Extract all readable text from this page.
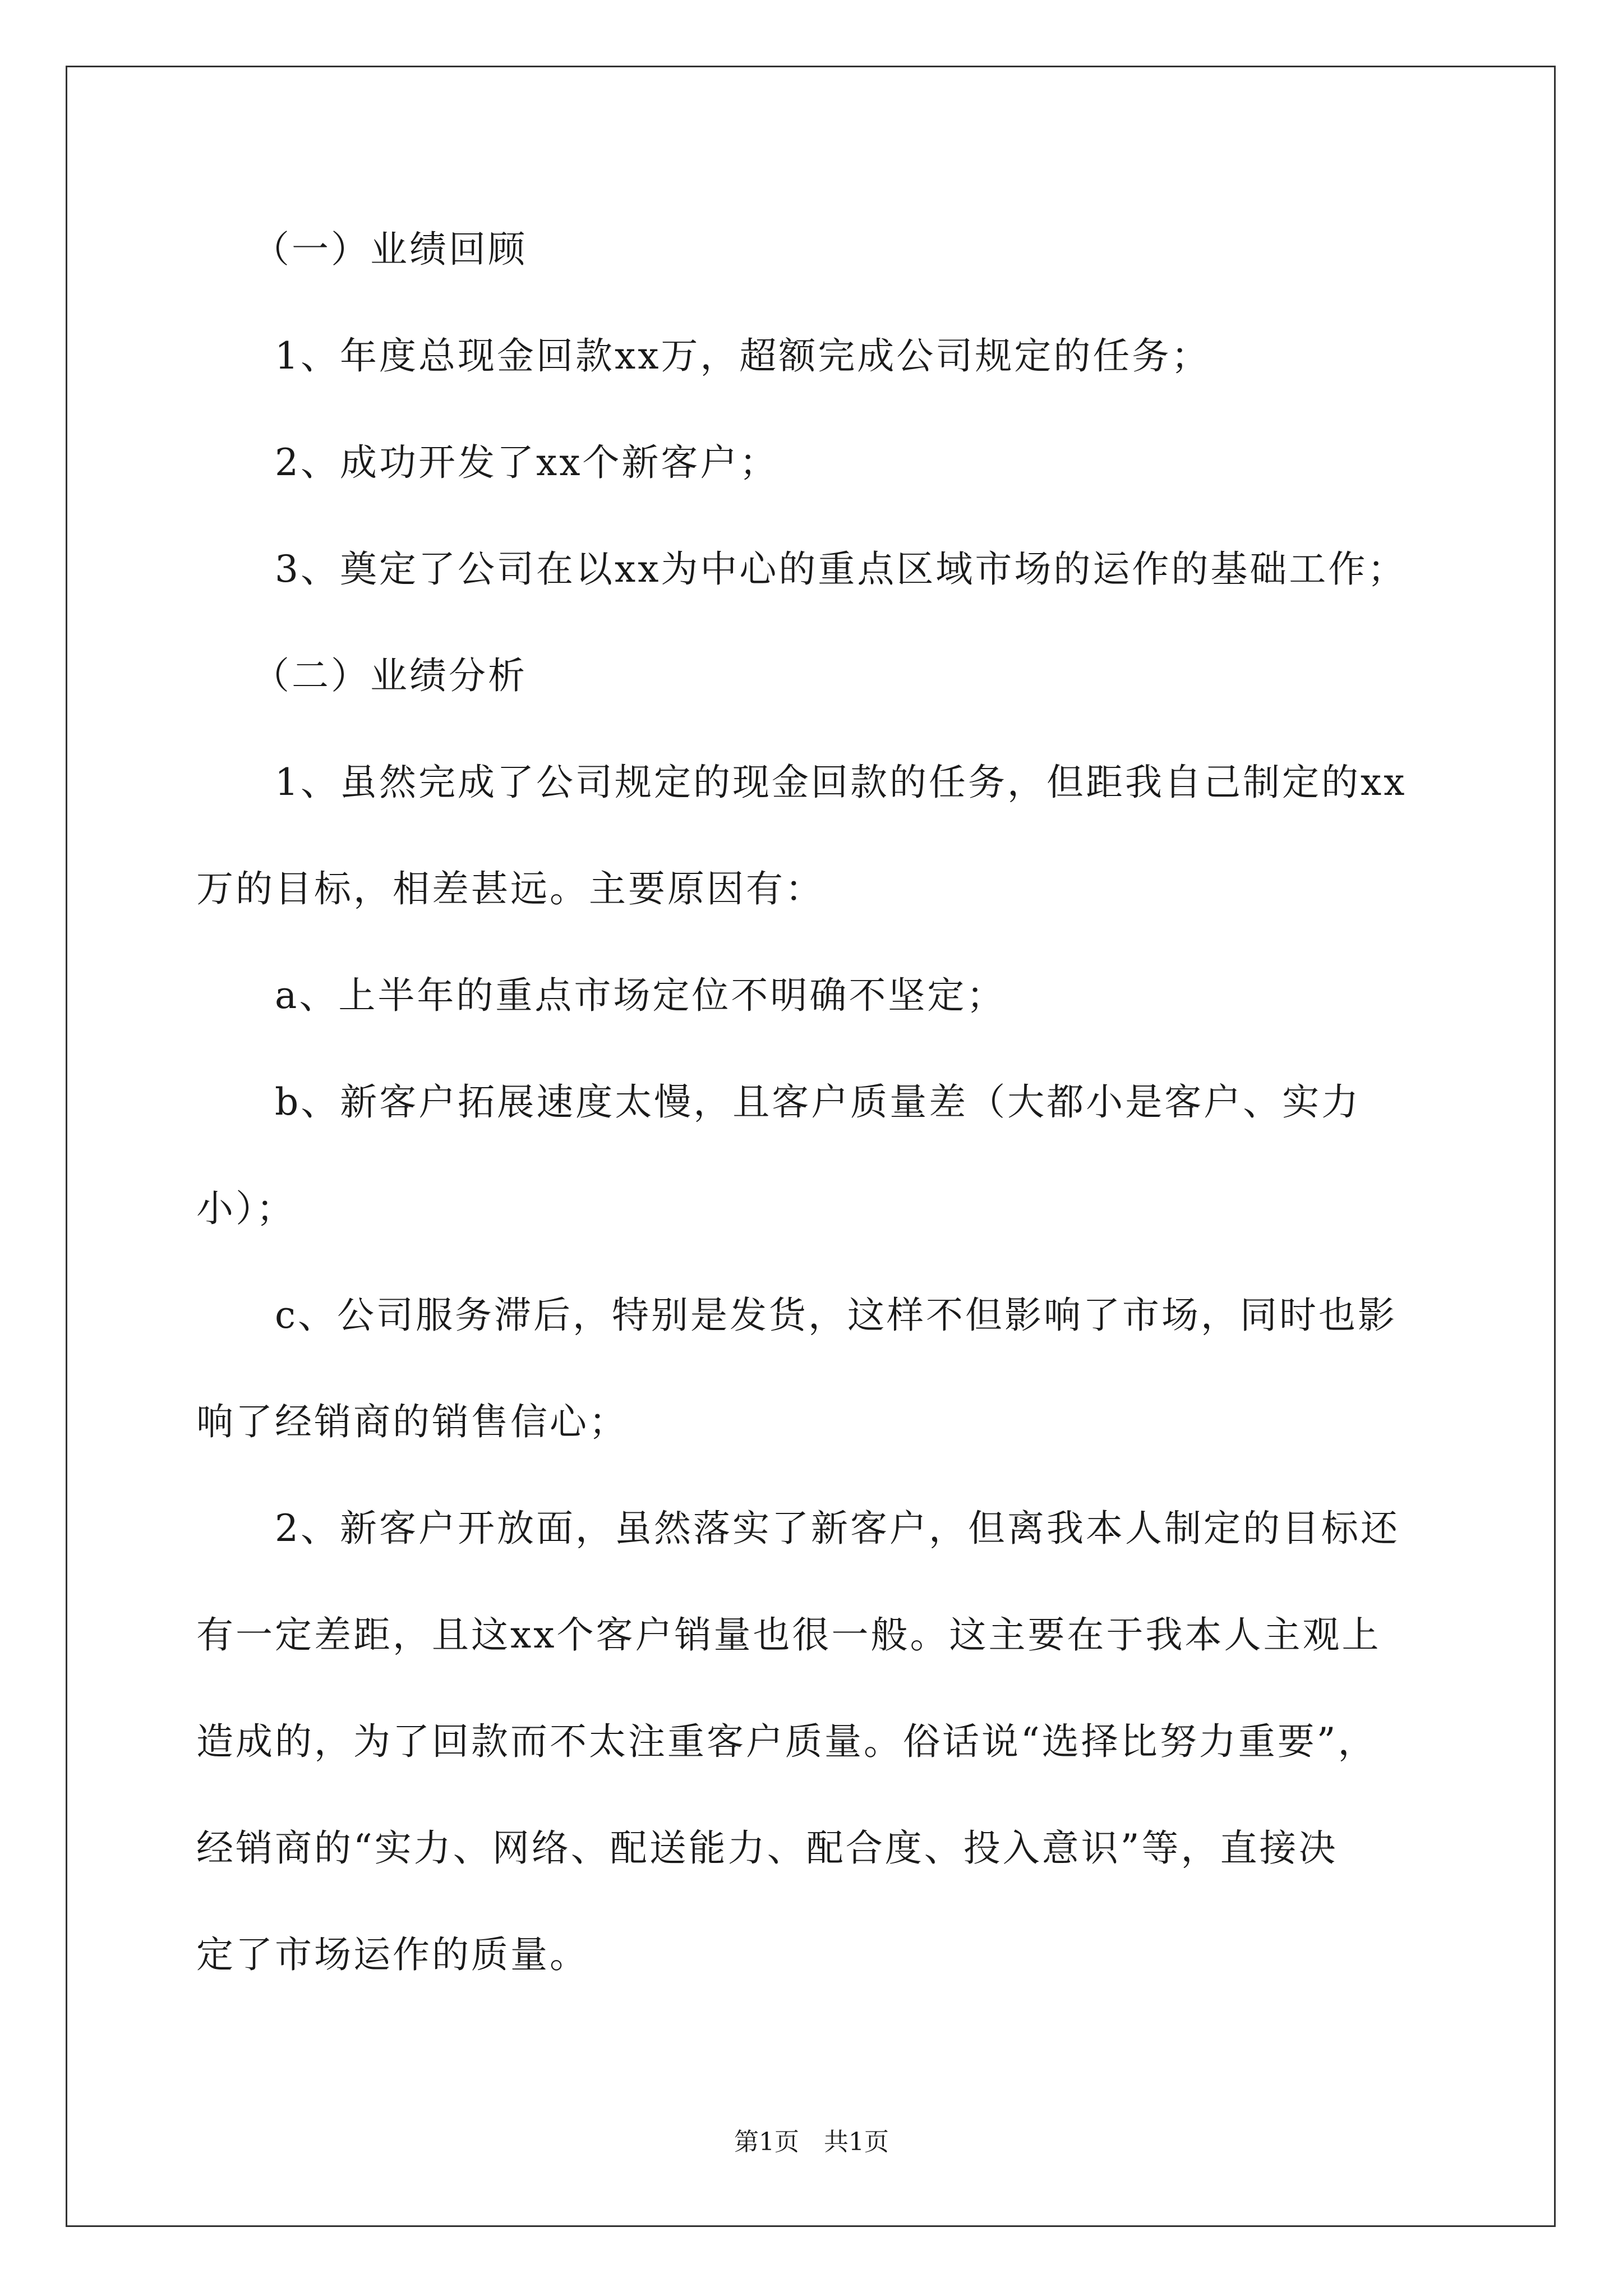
（一）业绩回顾
1、年度总现金回款xx万，超额完成公司规定的任务；
2、成功开发了xx个新客户；
3、奠定了公司在以xx为中心的重点区域市场的运作的基础工作；
（二）业绩分析
1、虽然完成了公司规定的现金回款的任务，但距我自己制定的xx
万的目标，相差甚远。主要原因有：
a、上半年的重点市场定位不明确不坚定；
b、新客户拓展速度太慢，且客户质量差（大都小是客户、实力
小）；
c、公司服务滞后，特别是发货，这样不但影响了市场，同时也影
响了经销商的销售信心；
2、新客户开放面，虽然落实了新客户，但离我本人制定的目标还
有一定差距，且这xx个客户销量也很一般。这主要在于我本人主观上
造成的，为了回款而不太注重客户质量。俗话说“选择比努力重要”，
经销商的“实力、网络、配送能力、配合度、投入意识”等，直接决
定了市场运作的质量。
第1页　共1页
